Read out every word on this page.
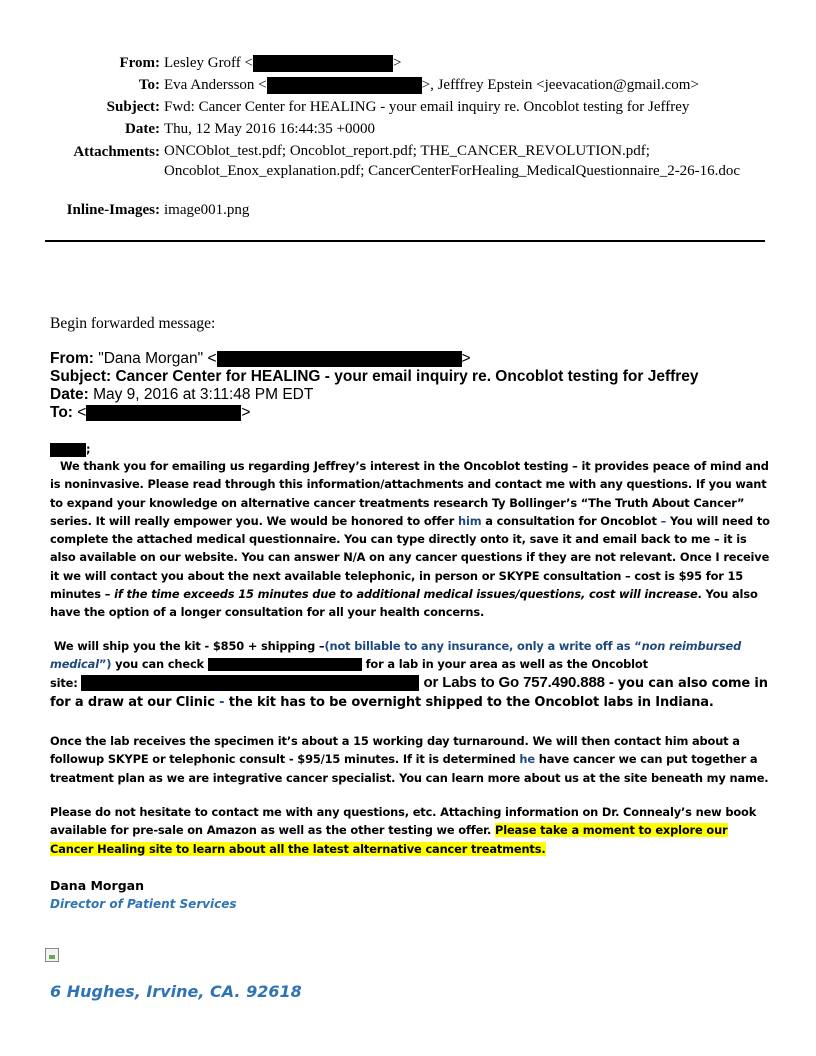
From: Lesley Groff <	>
To: Eva Andersson <	>, Jefffrey Epstein <jeevacation@gmail.com>
Subject: Fwd: Cancer Center for HEALING - your email inquiry re. Oncoblot testing for Jeffrey
Date: Thu, 12 May 2016 16:44:35 +0000
Attachments: ONCOblot_test.pdf; Oncoblot_report.pdf; THE_CANCER_REVOLUTION.pdf; Oncoblot_Enox_explanation.pdf; CancerCenterForHealing_MedicalQuestionnaire_2-26-16.doc
Inline-Images: image001.png
Begin forwarded message:
From: "Dana Morgan" <	>
Subject: Cancer Center for HEALING - your email inquiry re. Oncoblot testing for Jeffrey
Date: May 9, 2016 at 3:11:48 PM EDT
To: <	>
;

We thank you for emailing us regarding Jeffrey’s interest in the Oncoblot testing – it provides peace of mind and is noninvasive. Please read through this information/attachments and contact me with any questions. If you want to expand your knowledge on alternative cancer treatments research Ty Bollinger’s “The Truth About Cancer” series. It will really empower you. We would be honored to offer him a consultation for Oncoblot – You will need to complete the attached medical questionnaire. You can type directly onto it, save it and email back to me – it is also available on our website. You can answer N/A on any cancer questions if they are not relevant. Once I receive it we will contact you about the next available telephonic, in person or SKYPE consultation – cost is $95 for 15 minutes – if the time exceeds 15 minutes due to additional medical issues/questions, cost will increase. You also have the option of a longer consultation for all your health concerns.

We will ship you the kit - $850 + shipping –(not billable to any insurance, only a write off as “non reimbursed medical”) you can check	for a lab in your area as well as the Oncoblot
site:	or Labs to Go 757.490.888 - you can also come in for a draw at our Clinic - the kit has to be overnight shipped to the Oncoblot labs in Indiana.

Once the lab receives the specimen it’s about a 15 working day turnaround. We will then contact him about a followup SKYPE or telephonic consult - $95/15 minutes. If it is determined he have cancer we can put together a treatment plan as we are integrative cancer specialist. You can learn more about us at the site beneath my name.

Please do not hesitate to contact me with any questions, etc. Attaching information on Dr. Connealy’s new book available for pre-sale on Amazon as well as the other testing we offer. Please take a moment to explore our Cancer Healing site to learn about all the latest alternative cancer treatments.

Dana Morgan
Director of Patient Services
6 Hughes, Irvine, CA. 92618
